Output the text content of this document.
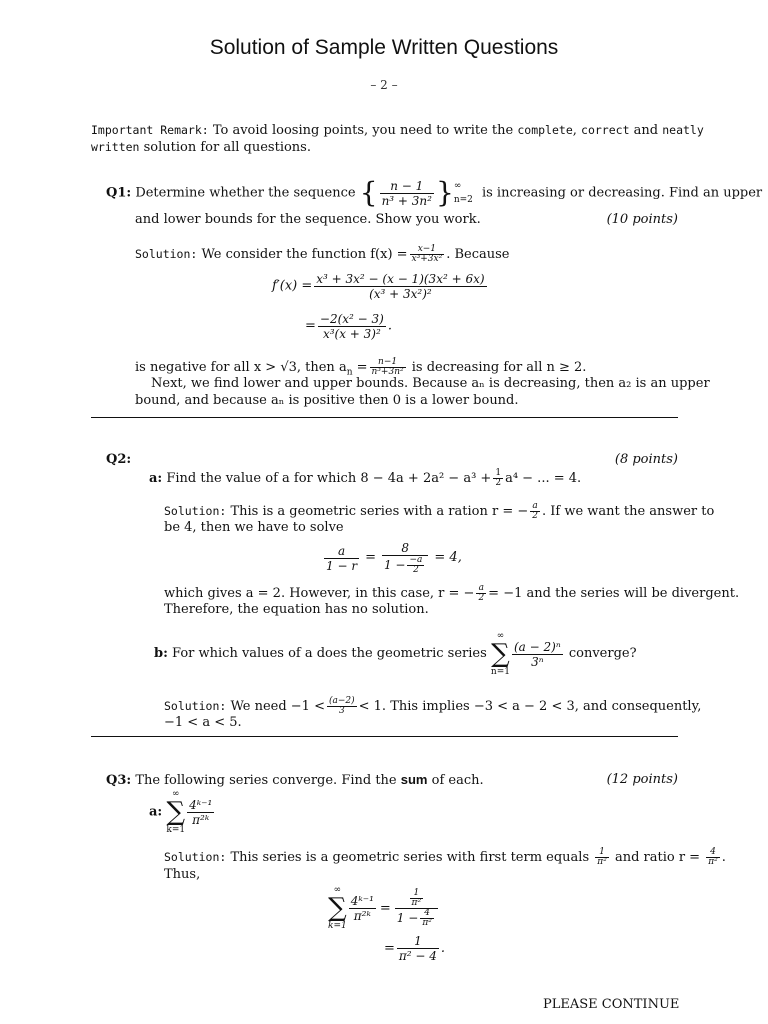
Solution of Sample Written Questions
– 2 –
Important Remark: To avoid loosing points, you need to write the complete, correct and neatly
written solution for all questions.
Q1: Determine whether the sequence { $\frac{n - 1}{\text{n³ + 3n²}}$ } ∞
n=2 is increasing or decreasing. Find an upper
and lower bounds for the sequence. Show you work.	(10 points)
Solution: We consider the function $f(x) = \frac{x-1}{\text{x³+3x²}}$ . Because
$f'(x) = \frac{\text{x³ + 3x² − (x − 1)(3x² + 6x)}}{\text{(x³ + 3x²)²}}$
= $\frac{\text{−2(x² − 3)}}{\text{x³(x + 3)²}}$ .
is negative for all x > √3, then $a_n = \frac{n-1}{\text{n³+3n²}}$ is decreasing for all n ≥ 2.
Next, we find lower and upper bounds. Because aₙ is decreasing, then a₂ is an upper
bound, and because aₙ is positive then 0 is a lower bound.
Q2:	(8 points)
a: Find the value of a for which $8 - 4a + 2a^2 - a^3 + \frac{1}{2} a^4$ − ... = 4.
Solution: This is a geometric series with a ration r = − $\frac{a}{2}$ . If we want the answer to
be 4, then we have to solve
$\frac{a}{1 - r} = \frac{8}{1 - \frac{-a}{2}} = 4$,
which gives a = 2. However, in this case, r = − $\frac{a}{2} = -1$ and the series will be divergent.
Therefore, the equation has no solution.
b: For which values of a does the geometric series
∞
∑
n=1
$\frac{\text{(a − 2)ⁿ}}{\text{3ⁿ}}$ converge?
Solution: We need $-1 < \frac{(a-2)}{3} < 1$. This implies −3 < a − 2 < 3, and consequently,
−1 < a < 5.
Q3: The following series converge. Find the sum of each.	(12 points)
a:
∞
∑
k=1
$\frac{\text{4ᵏ⁻¹}}{\text{π²ᵏ}}$
Solution: This series is a geometric series with first term equals $\frac{1}{\text{π²}}$ and ratio $r = \frac{4}{\text{π²}}$ .
Thus,
∞
∑
k=1
$\frac{\text{4ᵏ⁻¹}}{\text{π²ᵏ}} = \frac{\frac{1}{\text{π²}}}{1 - \frac{4}{\text{π²}}}$
= $\frac{1}{\text{π² − 4}}$ .
PLEASE CONTINUE
